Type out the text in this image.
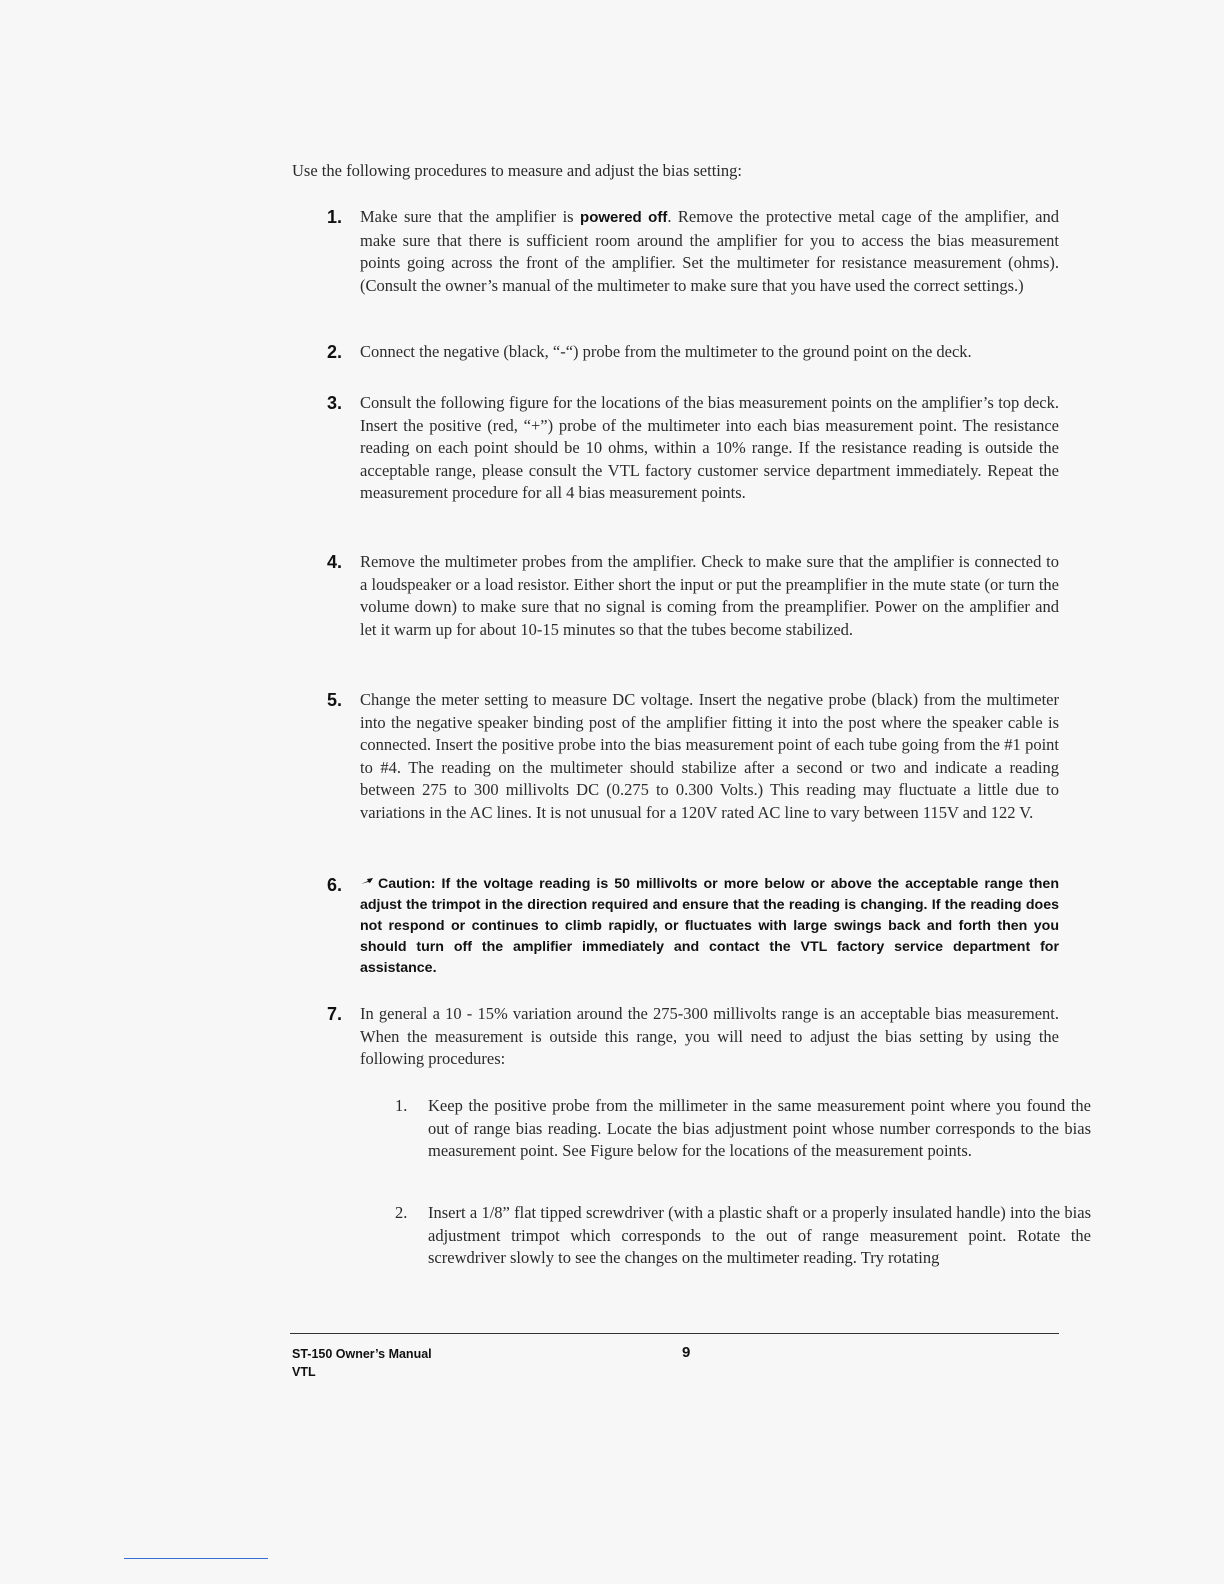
Use the following procedures to measure and adjust the bias setting:

1. Make sure that the amplifier is powered off. Remove the protective metal cage of the amplifier, and make sure that there is sufficient room around the amplifier for you to access the bias measurement points going across the front of the amplifier. Set the multimeter for resistance measurement (ohms). (Consult the owner’s manual of the multimeter to make sure that you have used the correct settings.)
2. Connect the negative (black, “-“) probe from the multimeter to the ground point on the deck.
3. Consult the following figure for the locations of the bias measurement points on the amplifier’s top deck. Insert the positive (red, “+”) probe of the multimeter into each bias measurement point. The resistance reading on each point should be 10 ohms, within a 10% range. If the resistance reading is outside the acceptable range, please consult the VTL factory customer service department immediately. Repeat the measurement procedure for all 4 bias measurement points.
4. Remove the multimeter probes from the amplifier. Check to make sure that the amplifier is connected to a loudspeaker or a load resistor. Either short the input or put the preamplifier in the mute state (or turn the volume down) to make sure that no signal is coming from the preamplifier. Power on the amplifier and let it warm up for about 10-15 minutes so that the tubes become stabilized.
5. Change the meter setting to measure DC voltage. Insert the negative probe (black) from the multimeter into the negative speaker binding post of the amplifier fitting it into the post where the speaker cable is connected. Insert the positive probe into the bias measurement point of each tube going from the #1 point to #4. The reading on the multimeter should stabilize after a second or two and indicate a reading between 275 to 300 millivolts DC (0.275 to 0.300 Volts.) This reading may fluctuate a little due to variations in the AC lines. It is not unusual for a 120V rated AC line to vary between 115V and 122 V.
6.	Caution: If the voltage reading is 50 millivolts or more below or above the acceptable range then adjust the trimpot in the direction required and ensure that the reading is changing. If the reading does not respond or continues to climb rapidly, or fluctuates with large swings back and forth then you should turn off the amplifier immediately and contact the VTL factory service department for assistance.
7. In general a 10 - 15% variation around the 275-300 millivolts range is an acceptable bias measurement. When the measurement is outside this range, you will need to adjust the bias setting by using the following procedures:
1. Keep the positive probe from the millimeter in the same measurement point where you found the out of range bias reading. Locate the bias adjustment point whose number corresponds to the bias measurement point. See Figure below for the locations of the measurement points.
2. Insert a 1/8” flat tipped screwdriver (with a plastic shaft or a properly insulated handle) into the bias adjustment trimpot which corresponds to the out of range measurement point. Rotate the screwdriver slowly to see the changes on the multimeter reading. Try rotating
ST-150 Owner’s Manual
VTL
9
